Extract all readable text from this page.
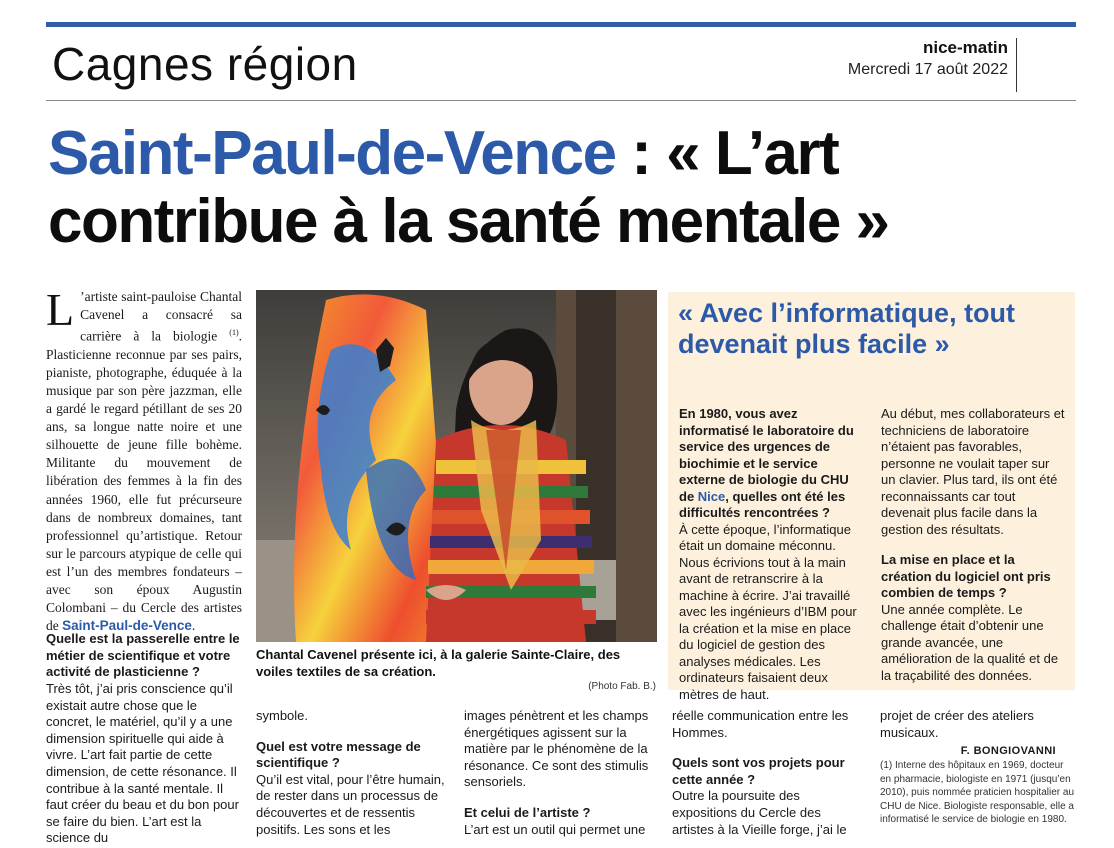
Cagnes région	nice-matin
Mercredi 17 août 2022
Saint-Paul-de-Vence : « L’art
contribue à la santé mentale »
L ’artiste saint-pauloise Chantal Cavenel a consacré sa carrière à la biologie $^{(1)}$. Plasticienne reconnue par ses pairs, pianiste, photographe, éduquée à la musique par son père jazzman, elle a gardé le regard pétillant de ses 20 ans, sa longue natte noire et une silhouette de jeune fille bohème. Militante du mouvement de libération des femmes à la fin des années 1960, elle fut précurseure dans de nombreux domaines, tant professionnel qu’artistique. Retour sur le parcours atypique de celle qui est l’un des membres fondateurs – avec son époux Augustin Colombani – du Cercle des artistes de Saint-Paul-de-Vence.
Quelle est la passerelle entre le métier de scientifique et votre activité de plasticienne ?
Très tôt, j’ai pris conscience qu’il existait autre chose que le concret, le matériel, qu’il y a une dimension spirituelle qui aide à vivre. L’art fait partie de cette dimension, de cette résonance. Il contribue à la santé mentale. Il faut créer du beau et du bon pour se faire du bien. L’art est la science du
Chantal Cavenel présente ici, à la galerie Sainte-Claire, des voiles textiles de sa création.
(Photo Fab. B.)
« Avec l’informatique, tout devenait plus facile »
En 1980, vous avez informatisé le laboratoire du service des urgences de biochimie et le service externe de biologie du CHU de Nice, quelles ont été les difficultés rencontrées ?
À cette époque, l’informatique était un domaine méconnu. Nous écrivions tout à la main avant de retranscrire à la machine à écrire. J’ai travaillé avec les ingénieurs d’IBM pour la création et la mise en place du logiciel de gestion des analyses médicales. Les ordinateurs faisaient deux mètres de haut.
Au début, mes collaborateurs et techniciens de laboratoire n’étaient pas favorables, personne ne voulait taper sur un clavier. Plus tard, ils ont été reconnaissants car tout devenait plus facile dans la gestion des résultats.
La mise en place et la création du logiciel ont pris combien de temps ?
Une année complète. Le challenge était d’obtenir une grande avancée, une amélioration de la qualité et de la traçabilité des données.
symbole.
Quel est votre message de scientifique ?
Qu’il est vital, pour l’être humain, de rester dans un processus de découvertes et de ressentis positifs. Les sons et les
images pénètrent et les champs énergétiques agissent sur la matière par le phénomène de la résonance. Ce sont des stimulis sensoriels.
Et celui de l’artiste ?
L’art est un outil qui permet une
réelle communication entre les Hommes.
Quels sont vos projets pour cette année ?
Outre la poursuite des expositions du Cercle des artistes à la Vieille forge, j’ai le
projet de créer des ateliers musicaux.
F. BONGIOVANNI
(1) Interne des hôpitaux en 1969, docteur en pharmacie, biologiste en 1971 (jusqu’en 2010), puis nommée praticien hospitalier au CHU de Nice. Biologiste responsable, elle a informatisé le service de biologie en 1980.
